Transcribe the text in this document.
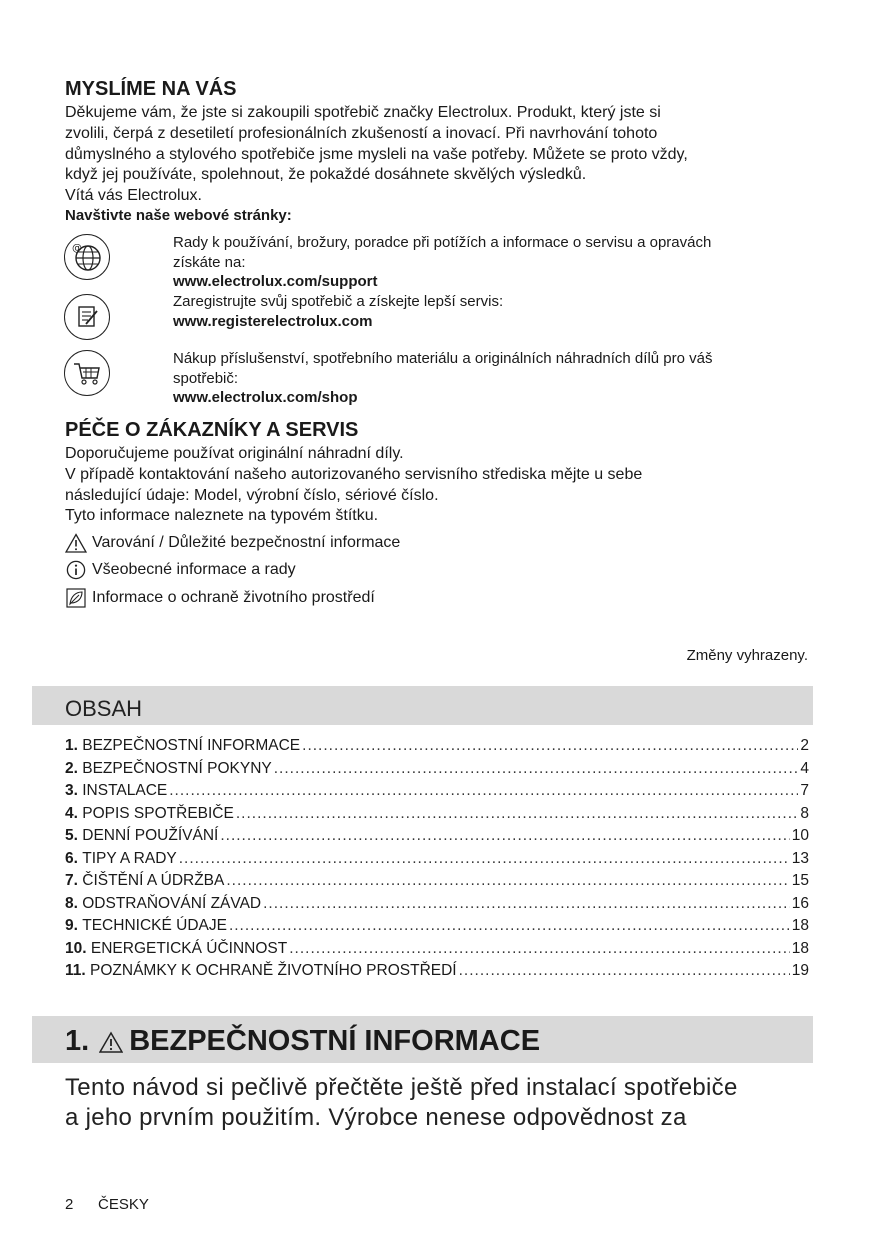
MYSLÍME NA VÁS
Děkujeme vám, že jste si zakoupili spotřebič značky Electrolux. Produkt, který jste si
zvolili, čerpá z desetiletí profesionálních zkušeností a inovací. Při navrhování tohoto
důmyslného a stylového spotřebiče jsme mysleli na vaše potřeby. Můžete se proto vždy,
když jej používáte, spolehnout, že pokaždé dosáhnete skvělých výsledků.
Vítá vás Electrolux.
Navštivte naše webové stránky:
@	Rady k používání, brožury, poradce při potížích a informace o servisu a opravách
získáte na:
www.electrolux.com/support
Zaregistrujte svůj spotřebič a získejte lepší servis:
www.registerelectrolux.com
Nákup příslušenství, spotřebního materiálu a originálních náhradních dílů pro váš
spotřebič:
www.electrolux.com/shop
PÉČE O ZÁKAZNÍKY A SERVIS
Doporučujeme používat originální náhradní díly.
V případě kontaktování našeho autorizovaného servisního střediska mějte u sebe
následující údaje: Model, výrobní číslo, sériové číslo.
Tyto informace naleznete na typovém štítku.
Varování / Důležité bezpečnostní informace
Všeobecné informace a rady
Informace o ochraně životního prostředí
Změny vyhrazeny.
OBSAH
1.
BEZPEČNOSTNÍ INFORMACE .....	2
2.
BEZPEČNOSTNÍ POKYNY .....	4
3.
INSTALACE .....	7
4.
POPIS SPOTŘEBIČE .....	8
5.
DENNÍ POUŽÍVÁNÍ .....	10
6.
TIPY A RADY .....	13
7.
ČIŠTĚNÍ A ÚDRŽBA .....	15
8.
ODSTRAŇOVÁNÍ ZÁVAD .....	16
9.
TECHNICKÉ ÚDAJE .....	18
10.
ENERGETICKÁ ÚČINNOST .....	18
11.
POZNÁMKY K OCHRANĚ ŽIVOTNÍHO PROSTŘEDÍ .....	19
1. BEZPEČNOSTNÍ INFORMACE
Tento návod si pečlivě přečtěte ještě před instalací spotřebiče
a jeho prvním použitím. Výrobce nenese odpovědnost za
2 ČESKY
